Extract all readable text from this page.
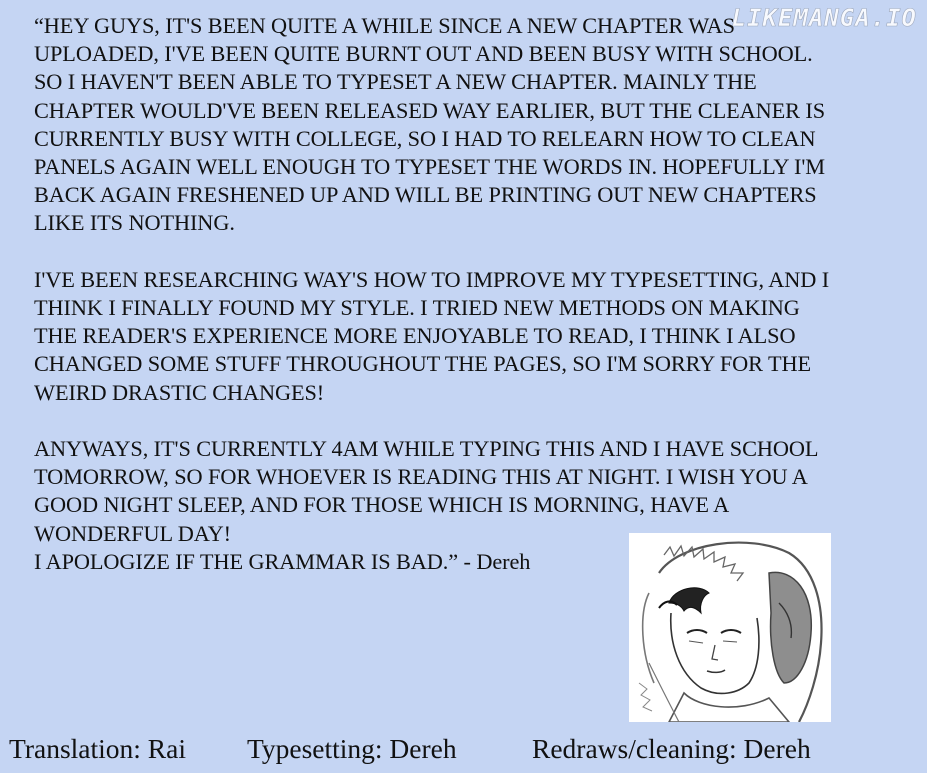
LIKEMANGA.IO

“HEY GUYS, IT'S BEEN QUITE A WHILE SINCE A NEW CHAPTER WAS
UPLOADED, I'VE BEEN QUITE BURNT OUT AND BEEN BUSY WITH SCHOOL.
SO I HAVEN'T BEEN ABLE TO TYPESET A NEW CHAPTER. MAINLY THE
CHAPTER WOULD'VE BEEN RELEASED WAY EARLIER, BUT THE CLEANER IS
CURRENTLY BUSY WITH COLLEGE, SO I HAD TO RELEARN HOW TO CLEAN
PANELS AGAIN WELL ENOUGH TO TYPESET THE WORDS IN. HOPEFULLY I'M
BACK AGAIN FRESHENED UP AND WILL BE PRINTING OUT NEW CHAPTERS
LIKE ITS NOTHING.

I'VE BEEN RESEARCHING WAY'S HOW TO IMPROVE MY TYPESETTING, AND I
THINK I FINALLY FOUND MY STYLE. I TRIED NEW METHODS ON MAKING
THE READER'S EXPERIENCE MORE ENJOYABLE TO READ, I THINK I ALSO
CHANGED SOME STUFF THROUGHOUT THE PAGES, SO I'M SORRY FOR THE
WEIRD DRASTIC CHANGES!

ANYWAYS, IT'S CURRENTLY 4AM WHILE TYPING THIS AND I HAVE SCHOOL
TOMORROW, SO FOR WHOEVER IS READING THIS AT NIGHT. I WISH YOU A
GOOD NIGHT SLEEP, AND FOR THOSE WHICH IS MORNING, HAVE A
WONDERFUL DAY!
I APOLOGIZE IF THE GRAMMAR IS BAD.” - Dereh

Translation: Rai Typesetting: Dereh	Redraws/cleaning: Dereh
